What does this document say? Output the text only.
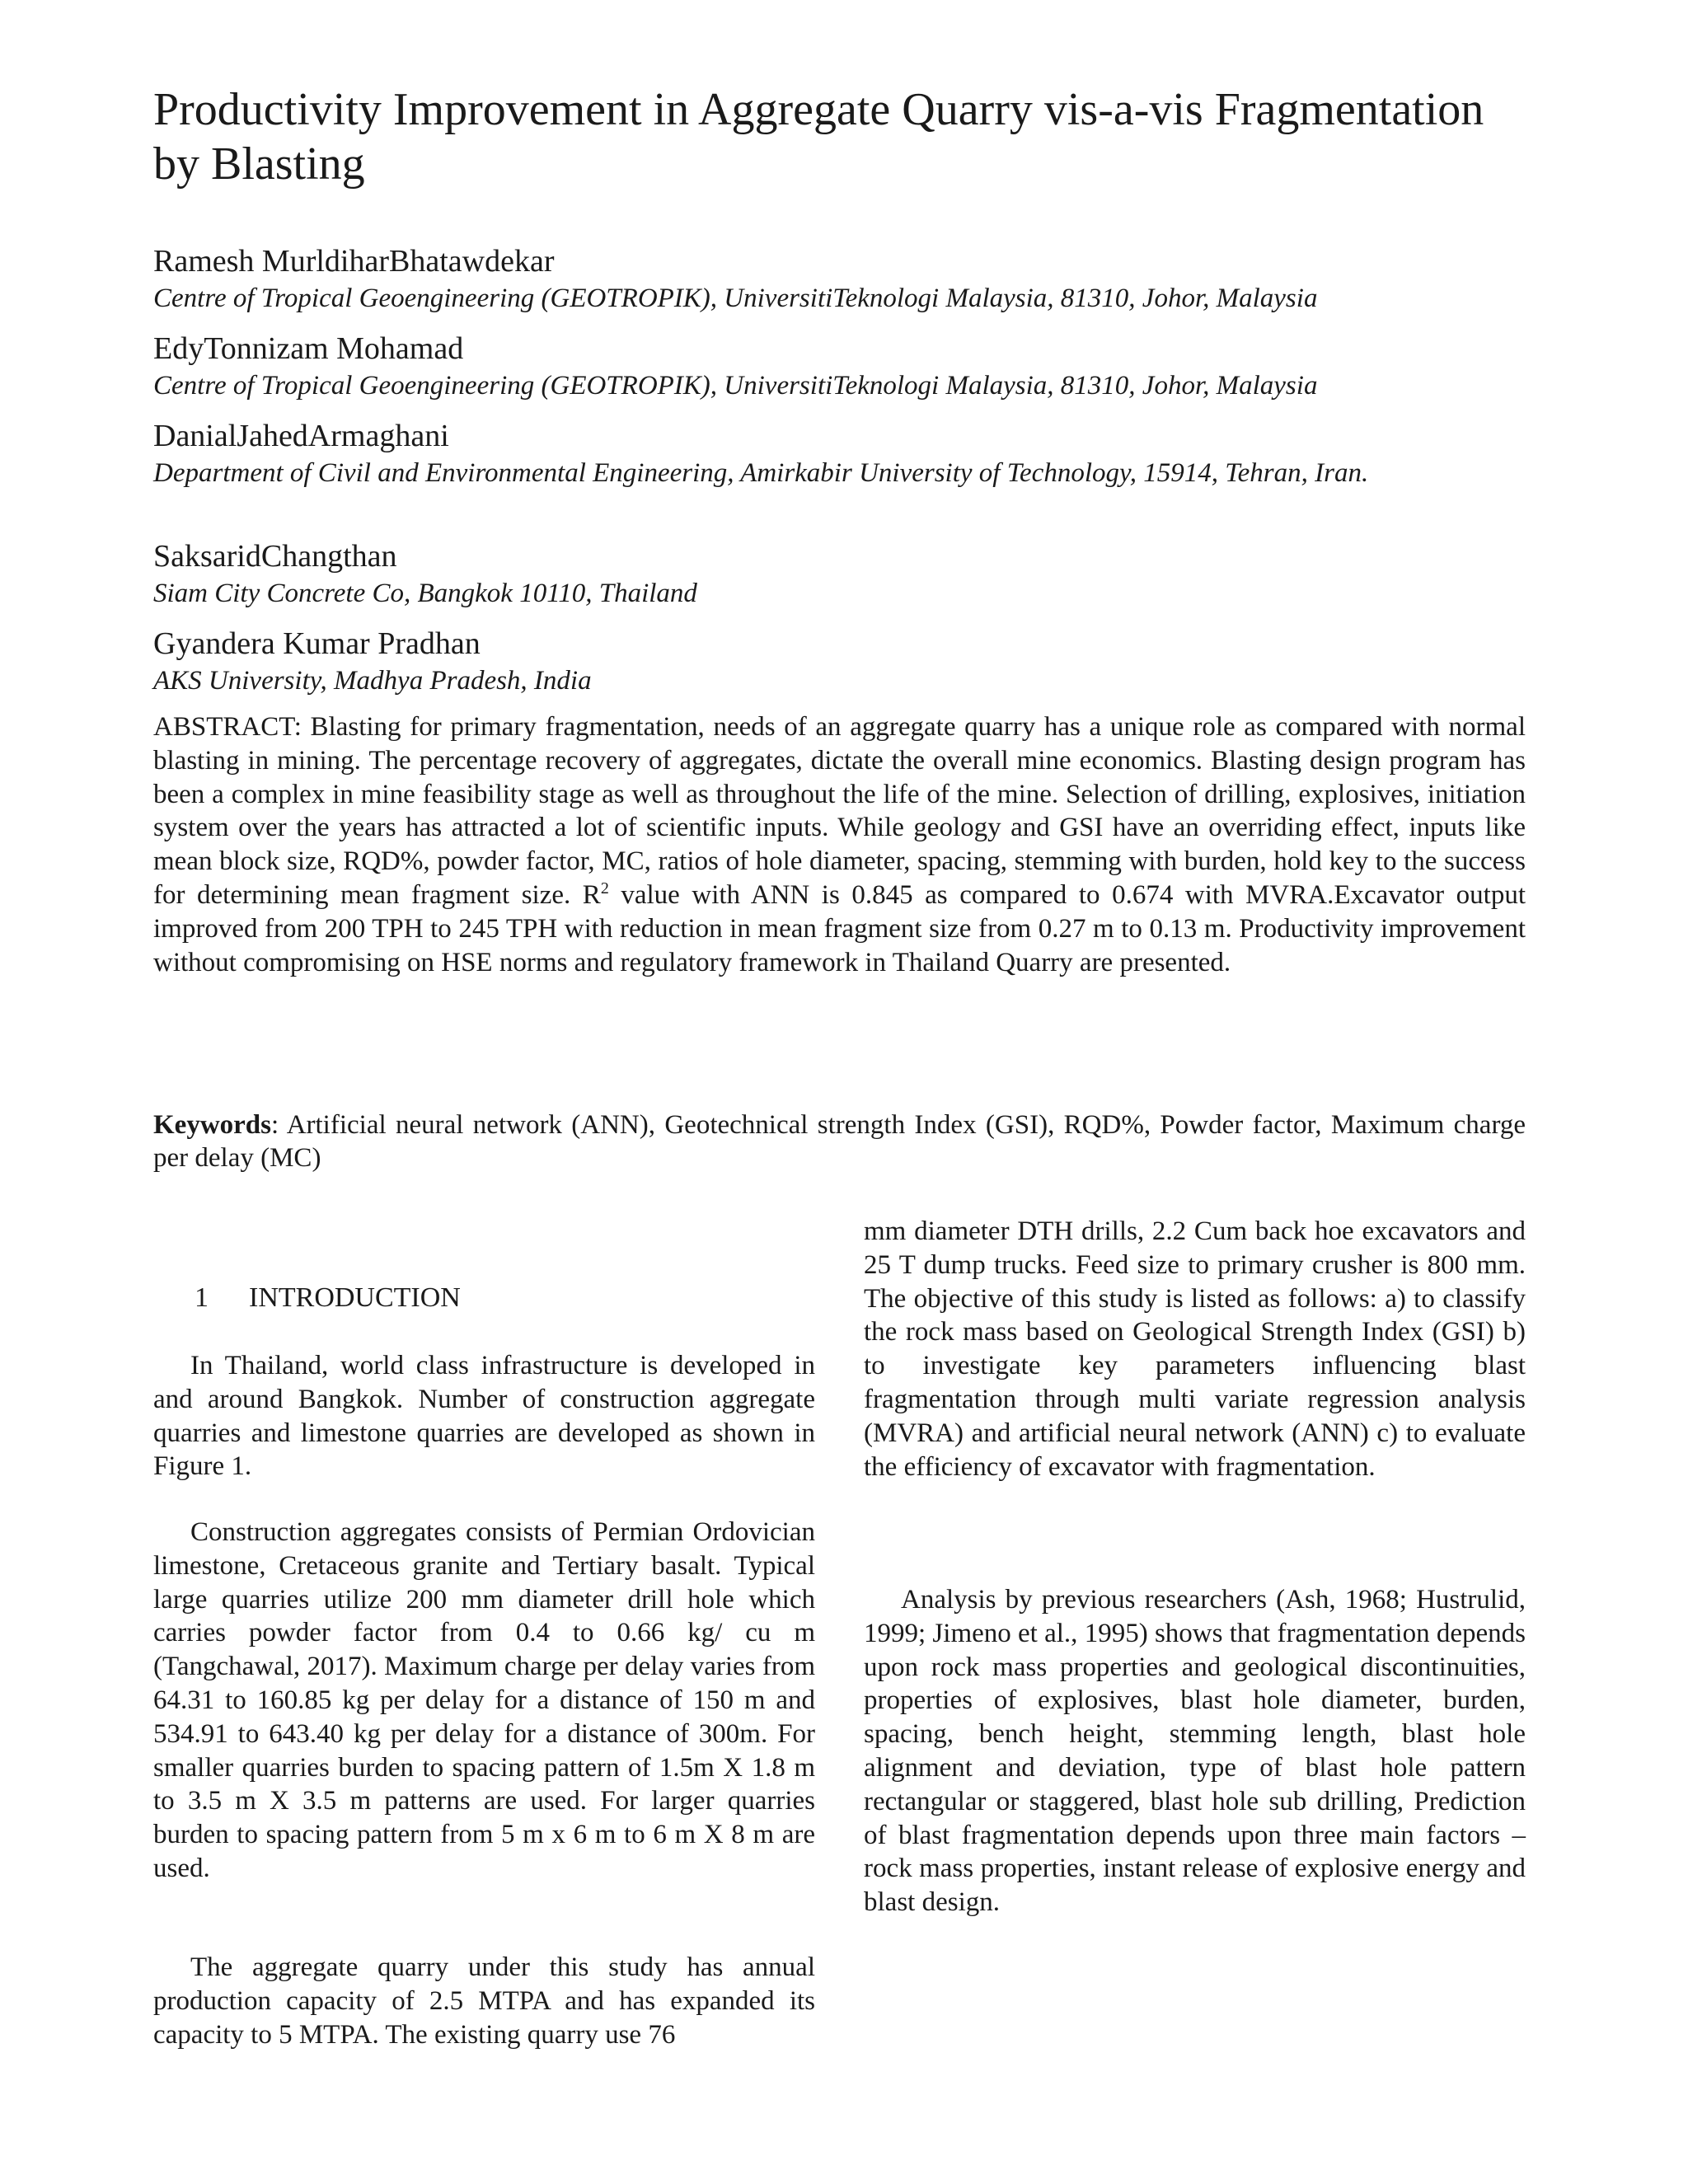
Productivity Improvement in Aggregate Quarry vis-a-vis Fragmentation by Blasting
Ramesh MurldiharBhatawdekar
Centre of Tropical Geoengineering (GEOTROPIK), UniversitiTeknologi Malaysia, 81310, Johor, Malaysia
EdyTonnizam Mohamad
Centre of Tropical Geoengineering (GEOTROPIK), UniversitiTeknologi Malaysia, 81310, Johor, Malaysia
DanialJahedArmaghani
Department of Civil and Environmental Engineering, Amirkabir University of Technology, 15914, Tehran, Iran.
SaksaridChangthan
Siam City Concrete Co, Bangkok 10110, Thailand
Gyandera Kumar Pradhan
AKS University, Madhya Pradesh, India
ABSTRACT: Blasting for primary fragmentation, needs of an aggregate quarry has a unique role as compared with normal blasting in mining. The percentage recovery of aggregates, dictate the overall mine economics. Blasting design program has been a complex in mine feasibility stage as well as throughout the life of the mine. Selection of drilling, explosives, initiation system over the years has attracted a lot of scientific inputs. While geology and GSI have an overriding effect, inputs like mean block size, RQD%, powder factor, MC, ratios of hole diameter, spacing, stemming with burden, hold key to the success for determining mean fragment size. $R^2$ value with ANN is 0.845 as compared to 0.674 with MVRA.Excavator output improved from 200 TPH to 245 TPH with reduction in mean fragment size from 0.27 m to 0.13 m. Productivity improvement without compromising on HSE norms and regulatory framework in Thailand Quarry are presented.
Keywords: Artificial neural network (ANN), Geotechnical strength Index (GSI), RQD%, Powder factor, Maximum charge per delay (MC)
1 INTRODUCTION

In Thailand, world class infrastructure is developed in and around Bangkok. Number of construction aggregate quarries and limestone quarries are developed as shown in Figure 1.

Construction aggregates consists of Permian Ordovician limestone, Cretaceous granite and Tertiary basalt. Typical large quarries utilize 200 mm diameter drill hole which carries powder factor from 0.4 to 0.66 kg/ cu m (Tangchawal, 2017). Maximum charge per delay varies from 64.31 to 160.85 kg per delay for a distance of 150 m and 534.91 to 643.40 kg per delay for a distance of 300m. For smaller quarries burden to spacing pattern of 1.5m X 1.8 m to 3.5 m X 3.5 m patterns are used. For larger quarries burden to spacing pattern from 5 m x 6 m to 6 m X 8 m are used.

The aggregate quarry under this study has annual production capacity of 2.5 MTPA and has expanded its capacity to 5 MTPA. The existing quarry use 76

mm diameter DTH drills, 2.2 Cum back hoe excavators and 25 T dump trucks. Feed size to primary crusher is 800 mm. The objective of this study is listed as follows: a) to classify the rock mass based on Geological Strength Index (GSI) b) to investigate key parameters influencing blast fragmentation through multi variate regression analysis (MVRA) and artificial neural network (ANN) c) to evaluate the efficiency of excavator with fragmentation.

Analysis by previous researchers (Ash, 1968; Hustrulid, 1999; Jimeno et al., 1995) shows that fragmentation depends upon rock mass properties and geological discontinuities, properties of explosives, blast hole diameter, burden, spacing, bench height, stemming length, blast hole alignment and deviation, type of blast hole pattern rectangular or staggered, blast hole sub drilling, Prediction of blast fragmentation depends upon three main factors – rock mass properties, instant release of explosive energy and blast design.
